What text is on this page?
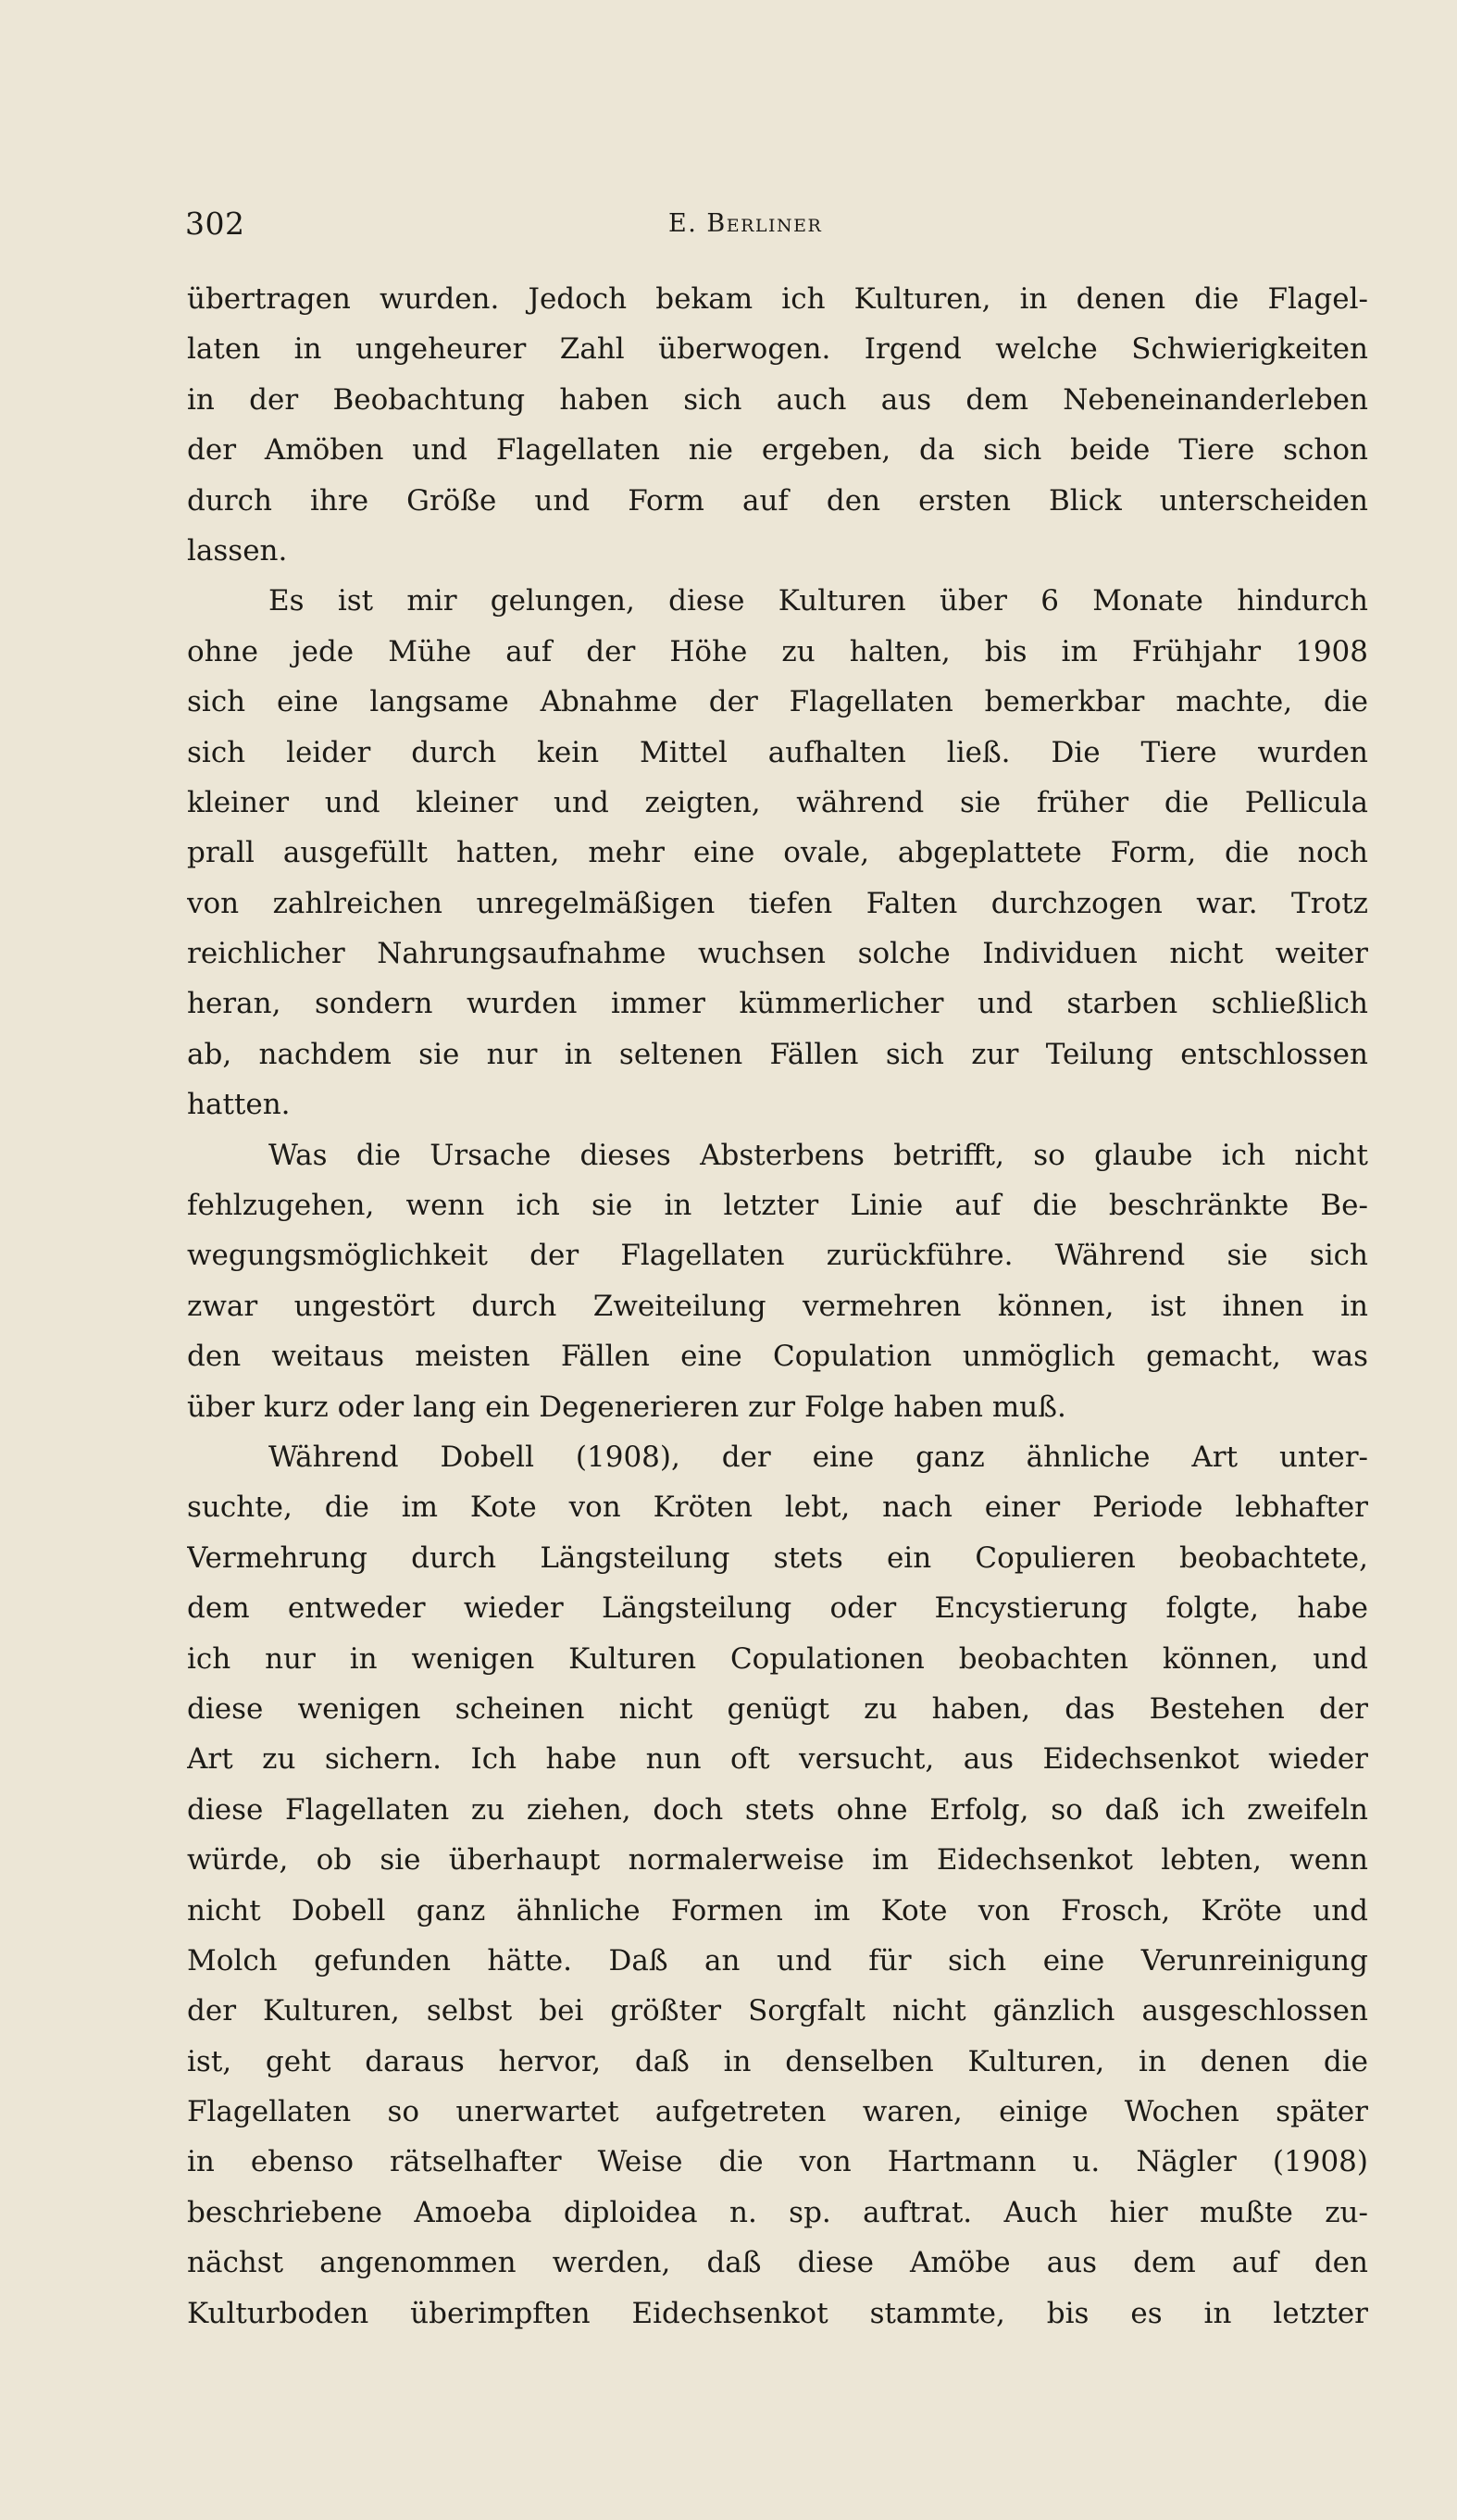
302	E. Berliner
übertragen wurden. Jedoch bekam ich Kulturen, in denen die Flagel-
laten in ungeheurer Zahl überwogen. Irgend welche Schwierigkeiten
in der Beobachtung haben sich auch aus dem Nebeneinanderleben
der Amöben und Flagellaten nie ergeben, da sich beide Tiere schon
durch ihre Größe und Form auf den ersten Blick unterscheiden
lassen.
Es ist mir gelungen, diese Kulturen über 6 Monate hindurch
ohne jede Mühe auf der Höhe zu halten, bis im Frühjahr 1908
sich eine langsame Abnahme der Flagellaten bemerkbar machte, die
sich leider durch kein Mittel aufhalten ließ. Die Tiere wurden
kleiner und kleiner und zeigten, während sie früher die Pellicula
prall ausgefüllt hatten, mehr eine ovale, abgeplattete Form, die noch
von zahlreichen unregelmäßigen tiefen Falten durchzogen war. Trotz
reichlicher Nahrungsaufnahme wuchsen solche Individuen nicht weiter
heran, sondern wurden immer kümmerlicher und starben schließlich
ab, nachdem sie nur in seltenen Fällen sich zur Teilung entschlossen
hatten.
Was die Ursache dieses Absterbens betrifft, so glaube ich nicht
fehlzugehen, wenn ich sie in letzter Linie auf die beschränkte Be-
wegungsmöglichkeit der Flagellaten zurückführe. Während sie sich
zwar ungestört durch Zweiteilung vermehren können, ist ihnen in
den weitaus meisten Fällen eine Copulation unmöglich gemacht, was
über kurz oder lang ein Degenerieren zur Folge haben muß.
Während Dobell (1908), der eine ganz ähnliche Art unter-
suchte, die im Kote von Kröten lebt, nach einer Periode lebhafter
Vermehrung durch Längsteilung stets ein Copulieren beobachtete,
dem entweder wieder Längsteilung oder Encystierung folgte, habe
ich nur in wenigen Kulturen Copulationen beobachten können, und
diese wenigen scheinen nicht genügt zu haben, das Bestehen der
Art zu sichern. Ich habe nun oft versucht, aus Eidechsenkot wieder
diese Flagellaten zu ziehen, doch stets ohne Erfolg, so daß ich zweifeln
würde, ob sie überhaupt normalerweise im Eidechsenkot lebten, wenn
nicht Dobell ganz ähnliche Formen im Kote von Frosch, Kröte und
Molch gefunden hätte. Daß an und für sich eine Verunreinigung
der Kulturen, selbst bei größter Sorgfalt nicht gänzlich ausgeschlossen
ist, geht daraus hervor, daß in denselben Kulturen, in denen die
Flagellaten so unerwartet aufgetreten waren, einige Wochen später
in ebenso rätselhafter Weise die von Hartmann u. Nägler (1908)
beschriebene Amoeba diploidea n. sp. auftrat. Auch hier mußte zu-
nächst angenommen werden, daß diese Amöbe aus dem auf den
Kulturboden überimpften Eidechsenkot stammte, bis es in letzter
